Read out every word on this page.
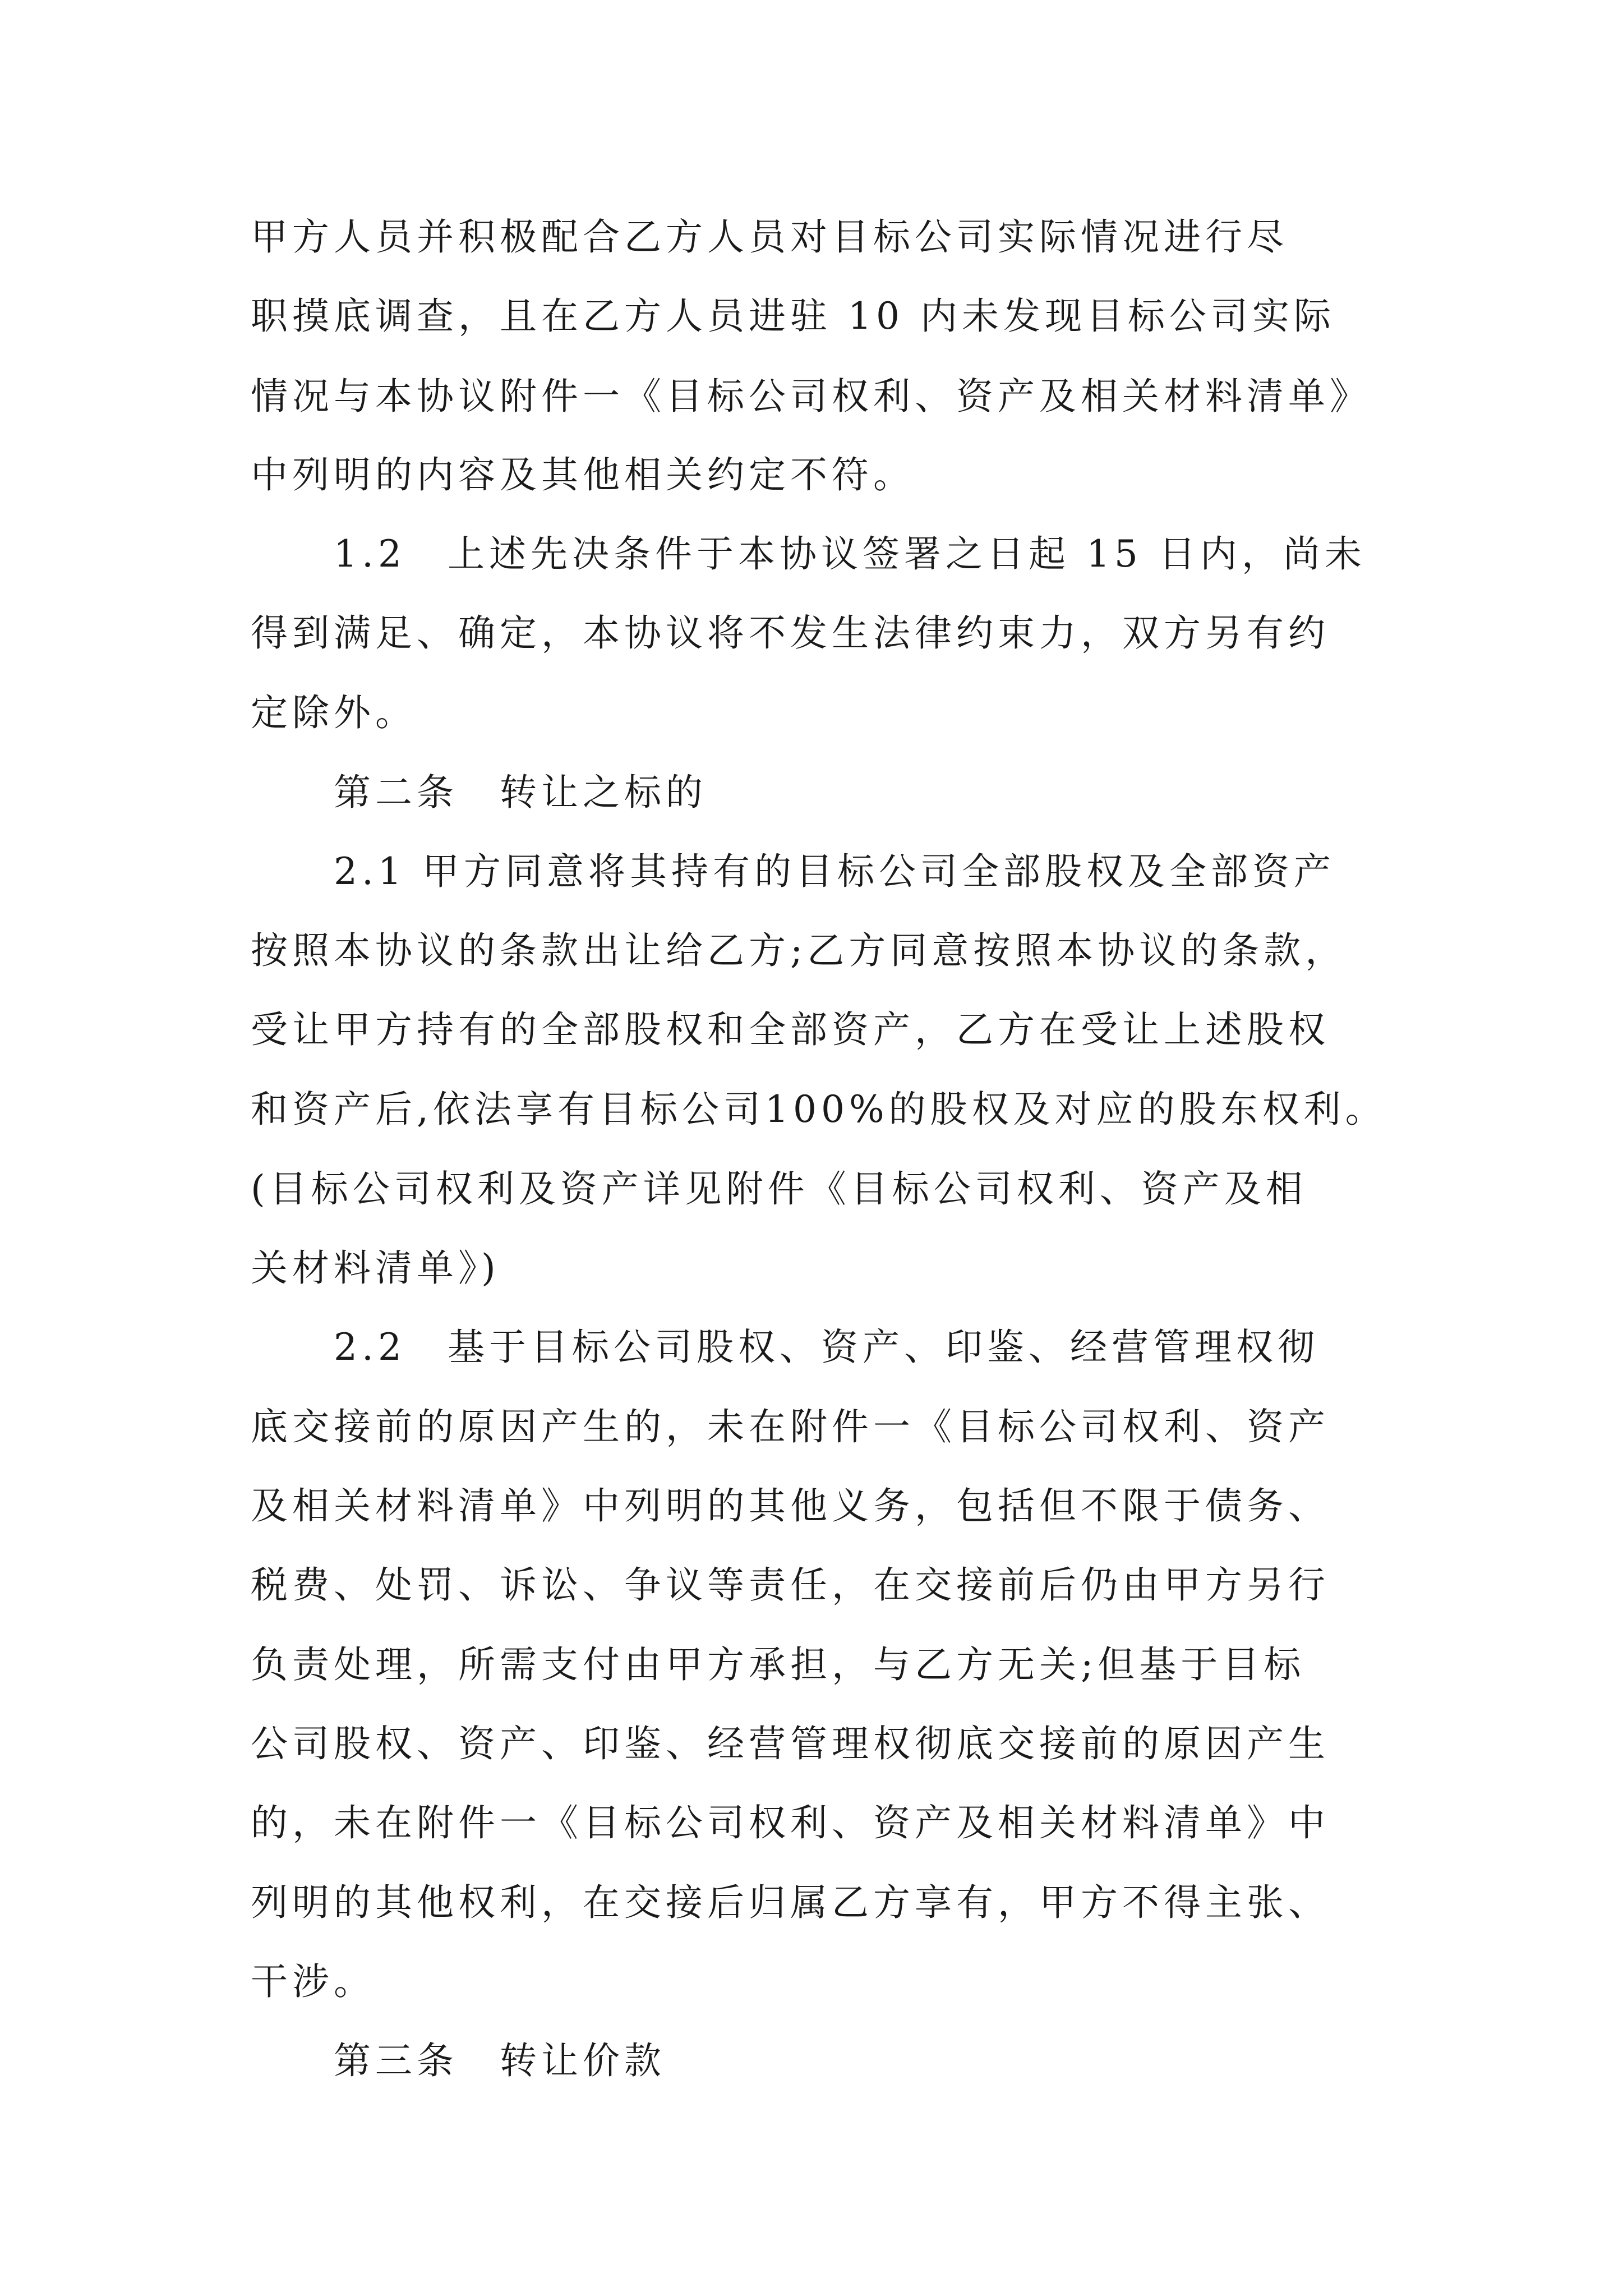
甲方人员并积极配合乙方人员对目标公司实际情况进行尽
职摸底调查，且在乙方人员进驻 10 内未发现目标公司实际
情况与本协议附件一《目标公司权利、资产及相关材料清单》
中列明的内容及其他相关约定不符。
1.2　上述先决条件于本协议签署之日起 15 日内，尚未
得到满足、确定，本协议将不发生法律约束力，双方另有约
定除外。
第二条　转让之标的
2.1 甲方同意将其持有的目标公司全部股权及全部资产
按照本协议的条款出让给乙方;乙方同意按照本协议的条款，
受让甲方持有的全部股权和全部资产，乙方在受让上述股权
和资产后,依法享有目标公司100%的股权及对应的股东权利。
(目标公司权利及资产详见附件《目标公司权利、资产及相
关材料清单》)
2.2　基于目标公司股权、资产、印鉴、经营管理权彻
底交接前的原因产生的，未在附件一《目标公司权利、资产
及相关材料清单》中列明的其他义务，包括但不限于债务、
税费、处罚、诉讼、争议等责任，在交接前后仍由甲方另行
负责处理，所需支付由甲方承担，与乙方无关;但基于目标
公司股权、资产、印鉴、经营管理权彻底交接前的原因产生
的，未在附件一《目标公司权利、资产及相关材料清单》中
列明的其他权利，在交接后归属乙方享有，甲方不得主张、
干涉。
第三条　转让价款
